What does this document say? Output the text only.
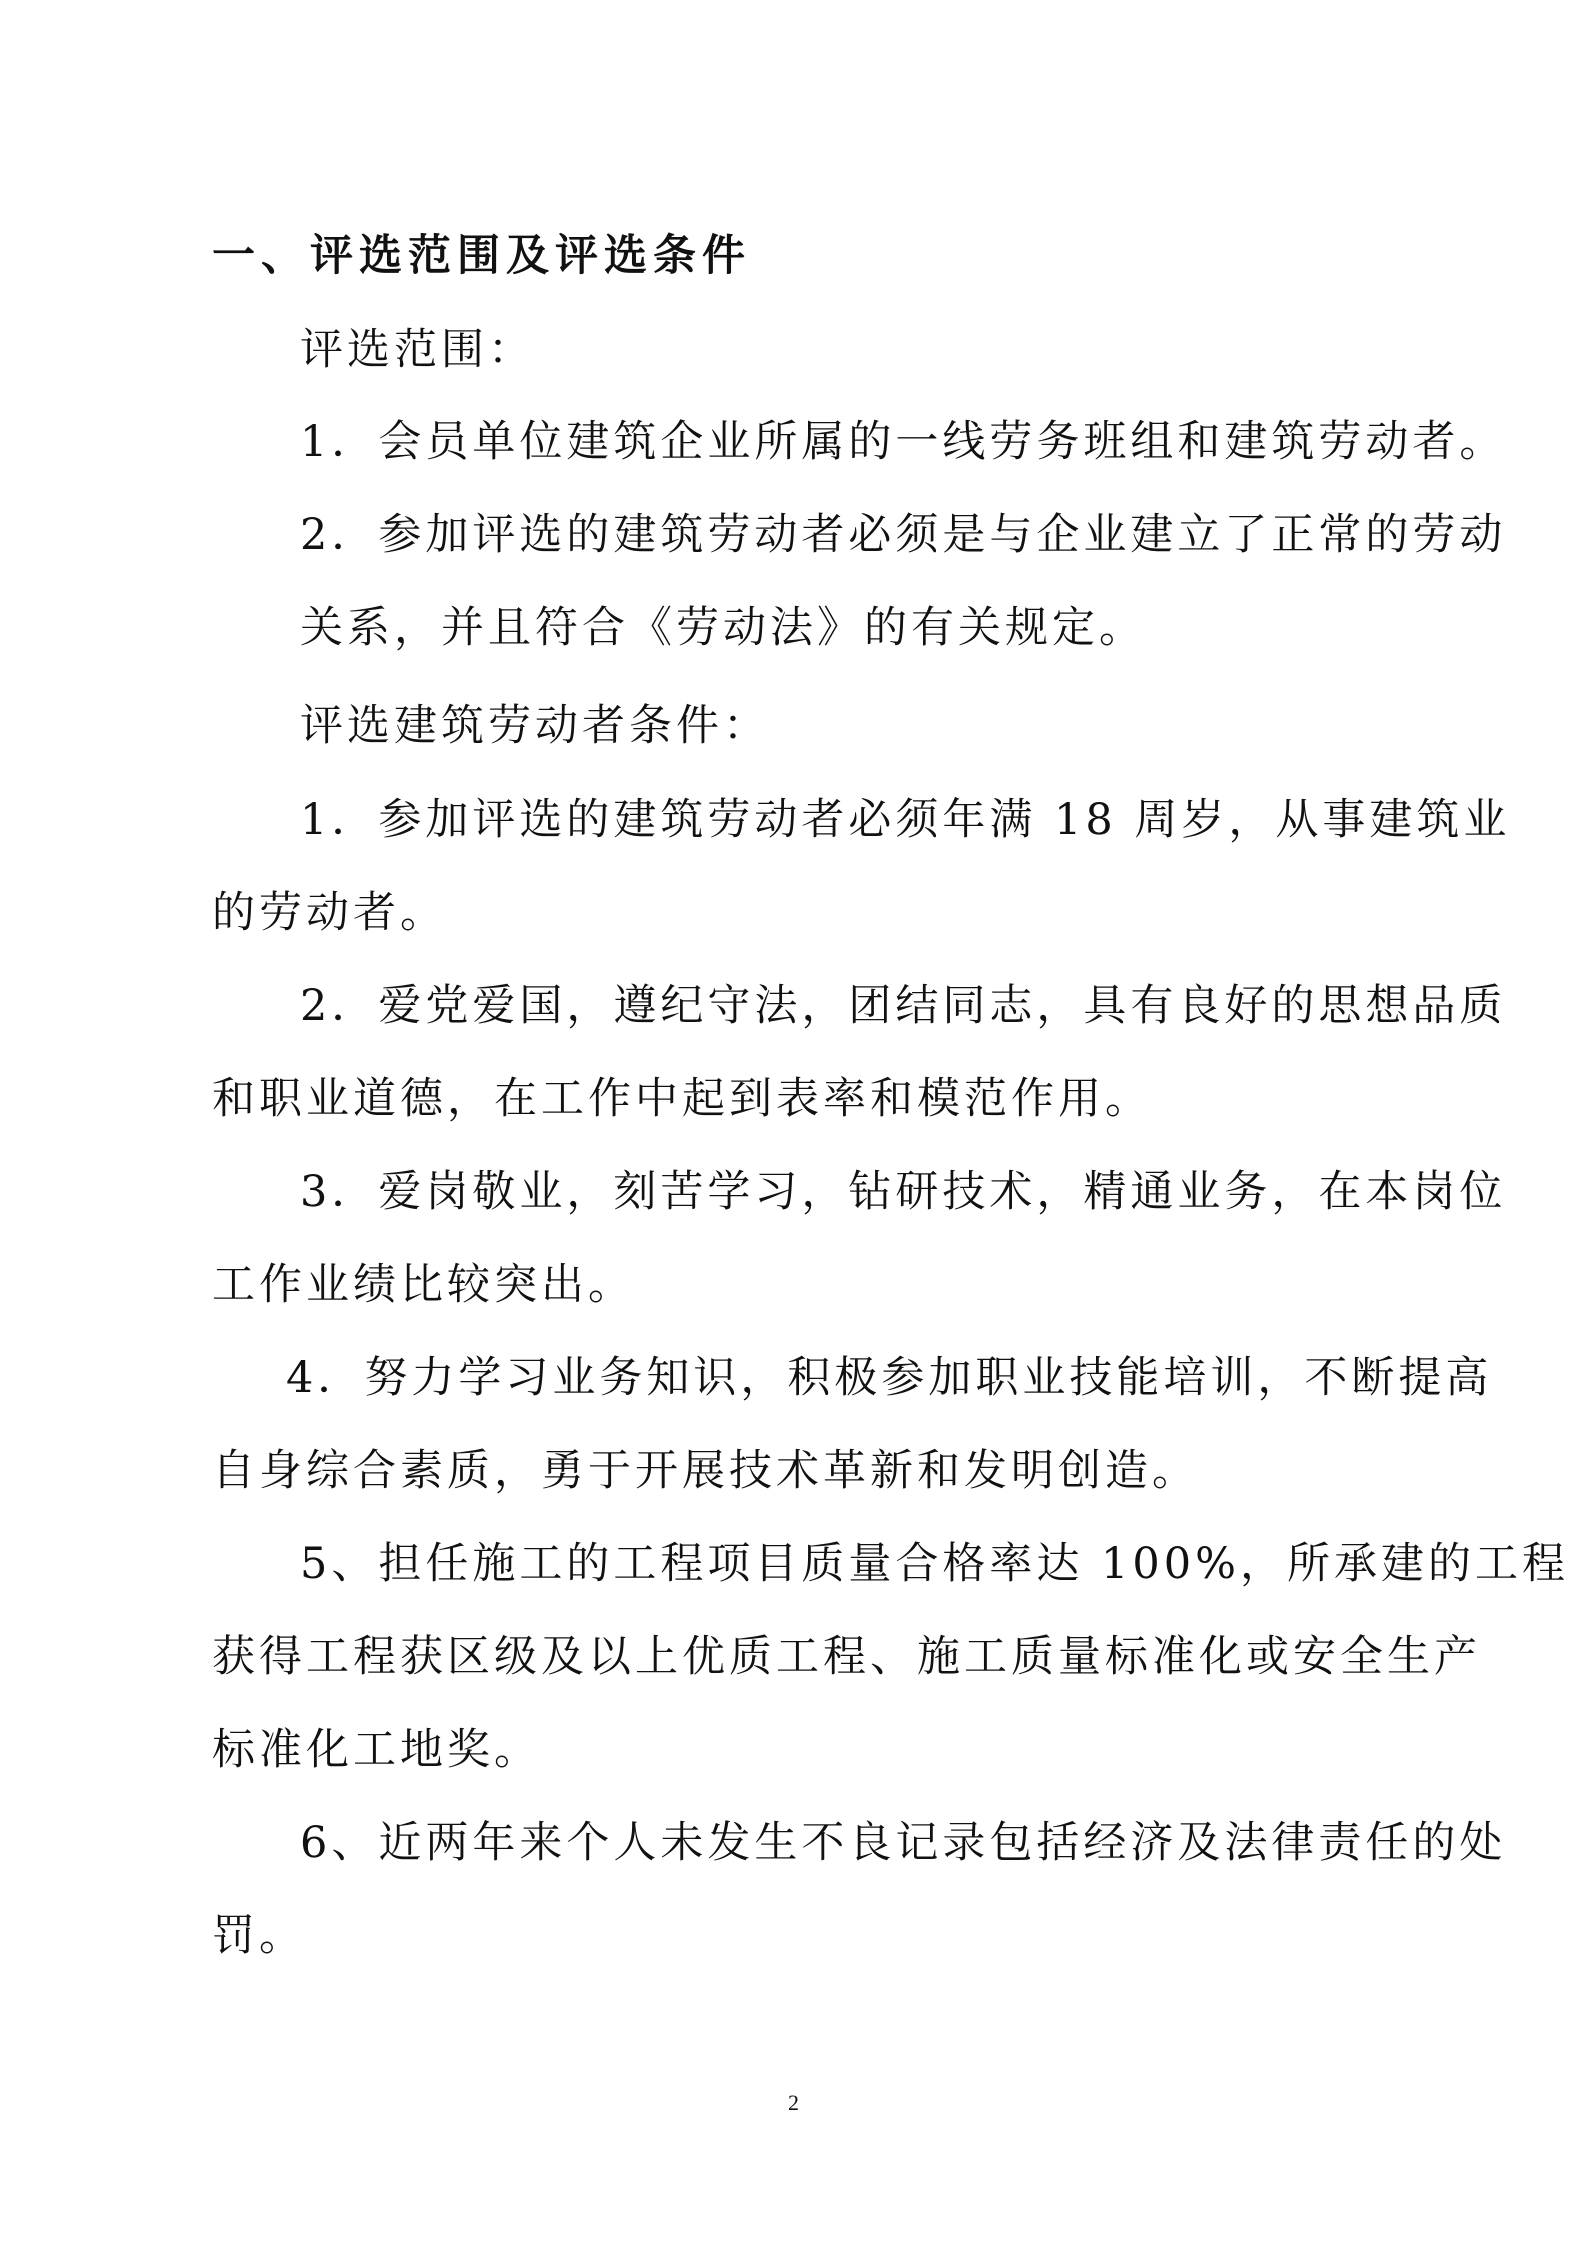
一、评选范围及评选条件
评选范围：
1．会员单位建筑企业所属的一线劳务班组和建筑劳动者。
2．参加评选的建筑劳动者必须是与企业建立了正常的劳动
关系，并且符合《劳动法》的有关规定。
评选建筑劳动者条件：
1．参加评选的建筑劳动者必须年满 18 周岁，从事建筑业
的劳动者。
2．爱党爱国，遵纪守法，团结同志，具有良好的思想品质
和职业道德，在工作中起到表率和模范作用。
3．爱岗敬业，刻苦学习，钻研技术，精通业务，在本岗位
工作业绩比较突出。
4．努力学习业务知识，积极参加职业技能培训，不断提高
自身综合素质，勇于开展技术革新和发明创造。
5、担任施工的工程项目质量合格率达 100%，所承建的工程
获得工程获区级及以上优质工程、施工质量标准化或安全生产
标准化工地奖。
6、近两年来个人未发生不良记录包括经济及法律责任的处
罚。
2
